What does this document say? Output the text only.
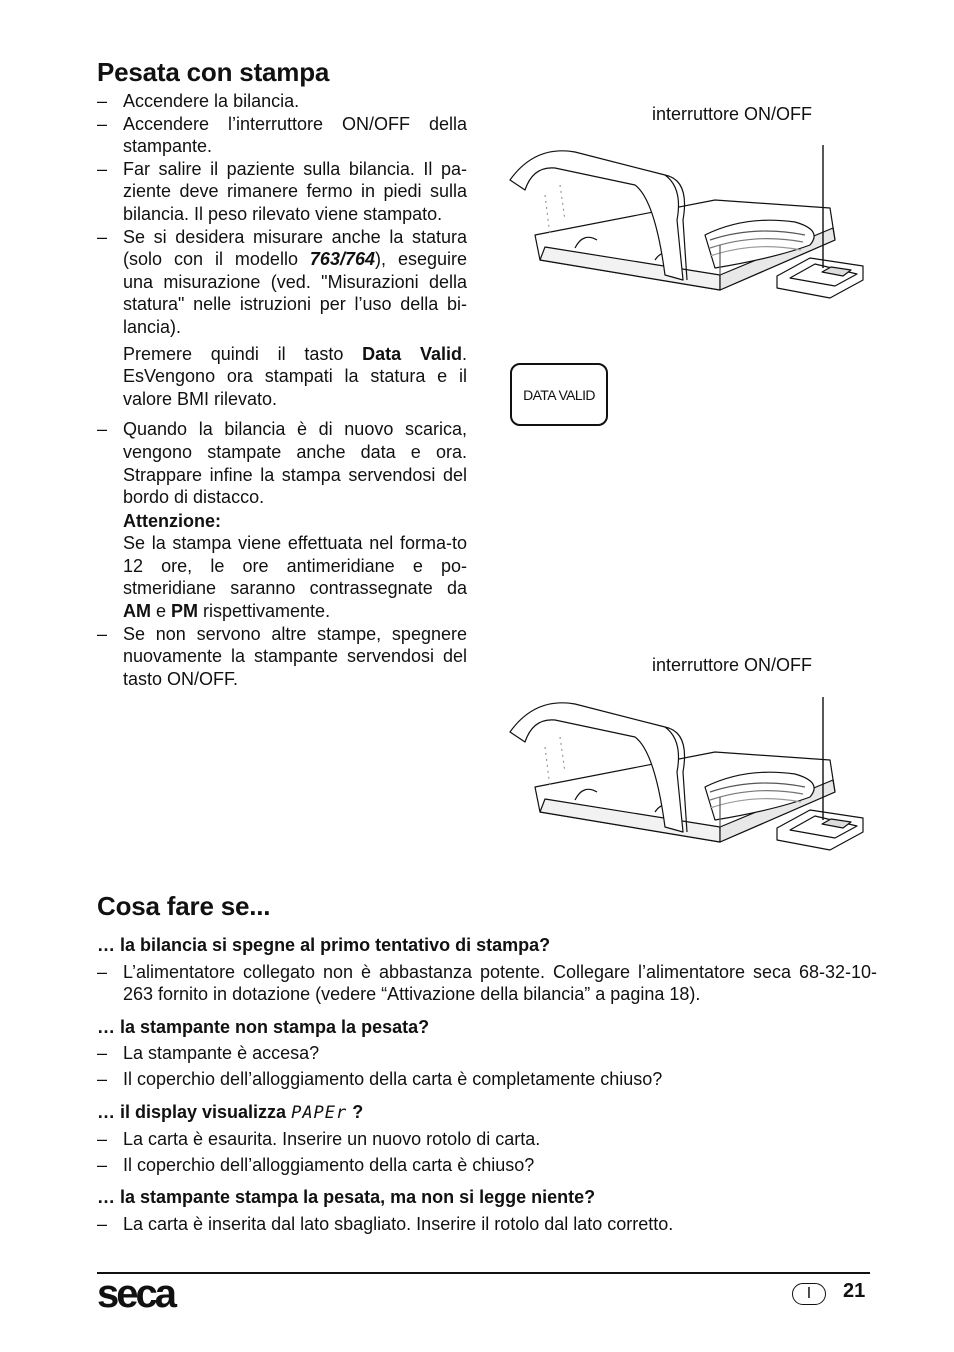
Pesata con stampa
– Accendere la bilancia.
– Accendere l’interruttore ON/OFF della stampante.
– Far salire il paziente sulla bilancia. Il pa-ziente deve rimanere fermo in piedi sulla bilancia. Il peso rilevato viene stampato.
– Se si desidera misurare anche la statura (solo con il modello 763/764), eseguire una misurazione (ved. "Misurazioni della statura" nelle istruzioni per l’uso della bi-lancia).
Premere quindi il tasto Data Valid. EsVengono ora stampati la statura e il valore BMI rilevato.
– Quando la bilancia è di nuovo scarica, vengono stampate anche data e ora. Strappare infine la stampa servendosi del bordo di distacco.
Attenzione:
Se la stampa viene effettuata nel forma-to 12 ore, le ore antimeridiane e po-stmeridiane saranno contrassegnate da AM e PM rispettivamente.
– Se non servono altre stampe, spegnere nuovamente la stampante servendosi del tasto ON/OFF.
interruttore ON/OFF
DATA VALID
interruttore ON/OFF
Cosa fare se...
… la bilancia si spegne al primo tentativo di stampa?
– L’alimentatore collegato non è abbastanza potente. Collegare l’alimentatore seca 68-32-10-263 fornito in dotazione (vedere “Attivazione della bilancia” a pagina 18).
… la stampante non stampa la pesata?
– La stampante è accesa?
– Il coperchio dell’alloggiamento della carta è completamente chiuso?
… il display visualizza PAPEr ?
– La carta è esaurita. Inserire un nuovo rotolo di carta.
– Il coperchio dell’alloggiamento della carta è chiuso?
… la stampante stampa la pesata, ma non si legge niente?
– La carta è inserita dal lato sbagliato. Inserire il rotolo dal lato corretto.
seca	I	21
